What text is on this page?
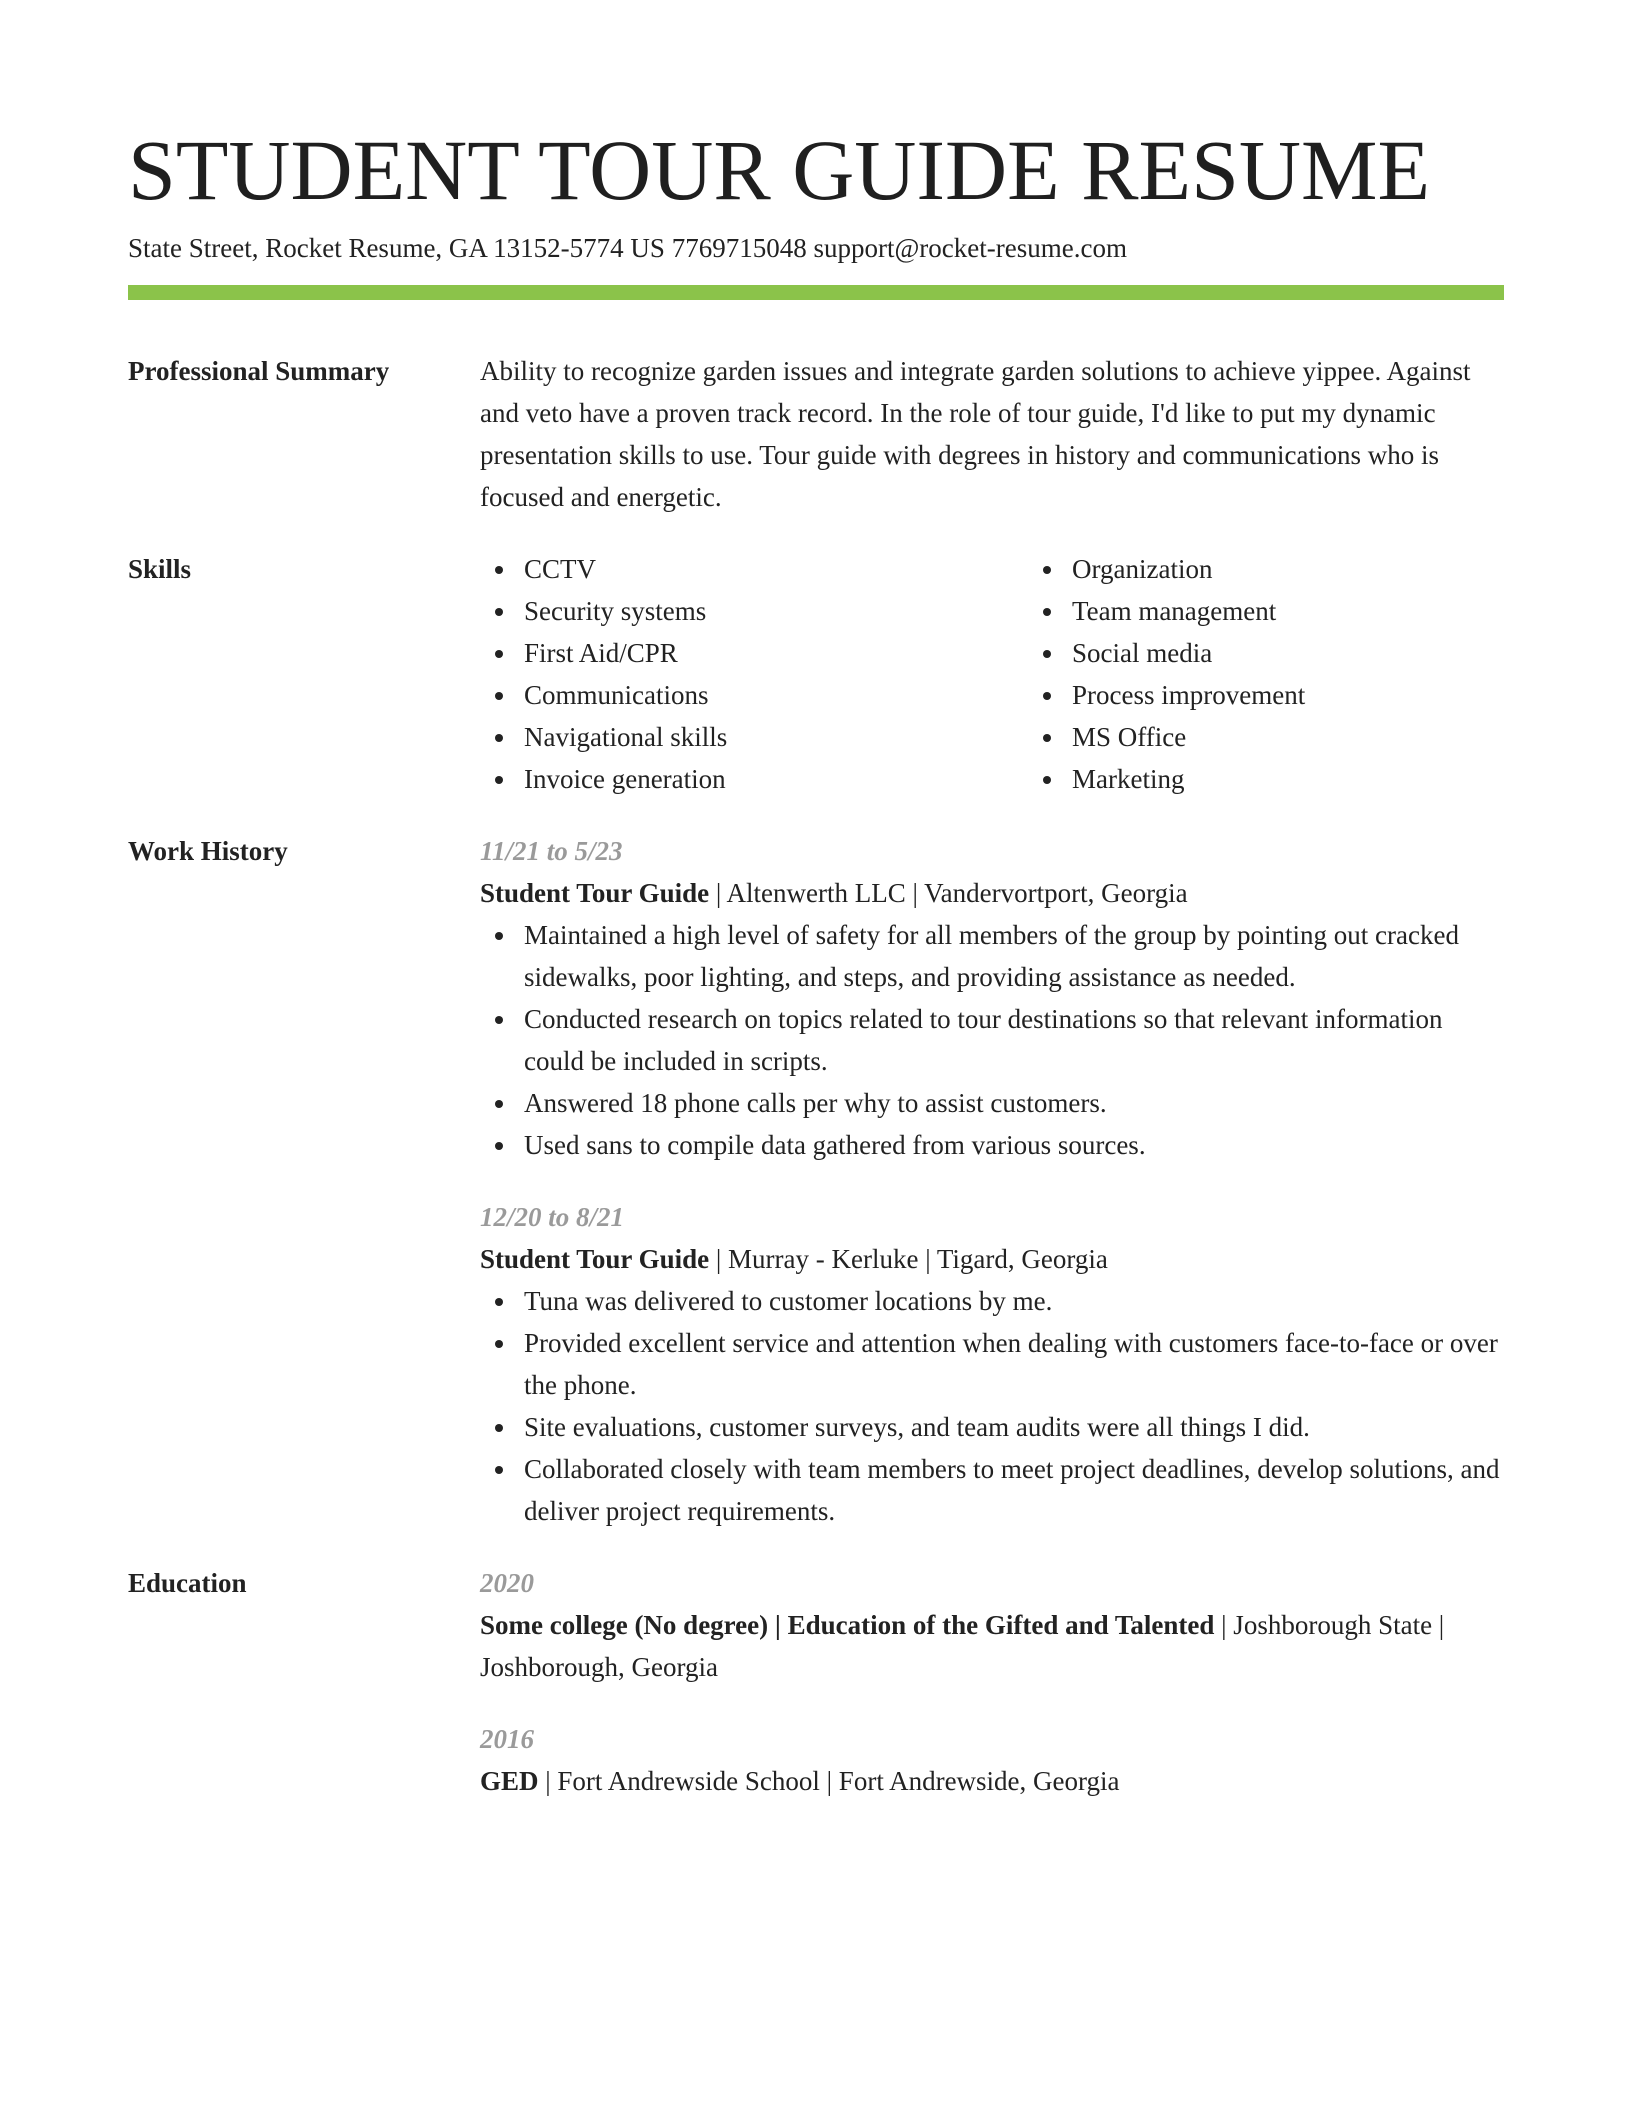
STUDENT TOUR GUIDE RESUME
State Street, Rocket Resume, GA 13152-5774 US 7769715048 support@rocket-resume.com
Professional Summary	Ability to recognize garden issues and integrate garden solutions to achieve yippee. Against and veto have a proven track record. In the role of tour guide, I'd like to put my dynamic presentation skills to use. Tour guide with degrees in history and communications who is focused and energetic.
Skills	CCTV
Security systems
First Aid/CPR
Communications
Navigational skills
Invoice generation
Organization
Team management
Social media
Process improvement
MS Office
Marketing
Work History	11/21 to 5/23
Student Tour Guide | Altenwerth LLC | Vandervortport, Georgia
Maintained a high level of safety for all members of the group by pointing out cracked sidewalks, poor lighting, and steps, and providing assistance as needed.
Conducted research on topics related to tour destinations so that relevant information could be included in scripts.
Answered 18 phone calls per why to assist customers.
Used sans to compile data gathered from various sources.
12/20 to 8/21
Student Tour Guide | Murray - Kerluke | Tigard, Georgia
Tuna was delivered to customer locations by me.
Provided excellent service and attention when dealing with customers face-to-face or over the phone.
Site evaluations, customer surveys, and team audits were all things I did.
Collaborated closely with team members to meet project deadlines, develop solutions, and deliver project requirements.
Education	2020
Some college (No degree) | Education of the Gifted and Talented | Joshborough State | Joshborough, Georgia
2016
GED | Fort Andrewside School | Fort Andrewside, Georgia
